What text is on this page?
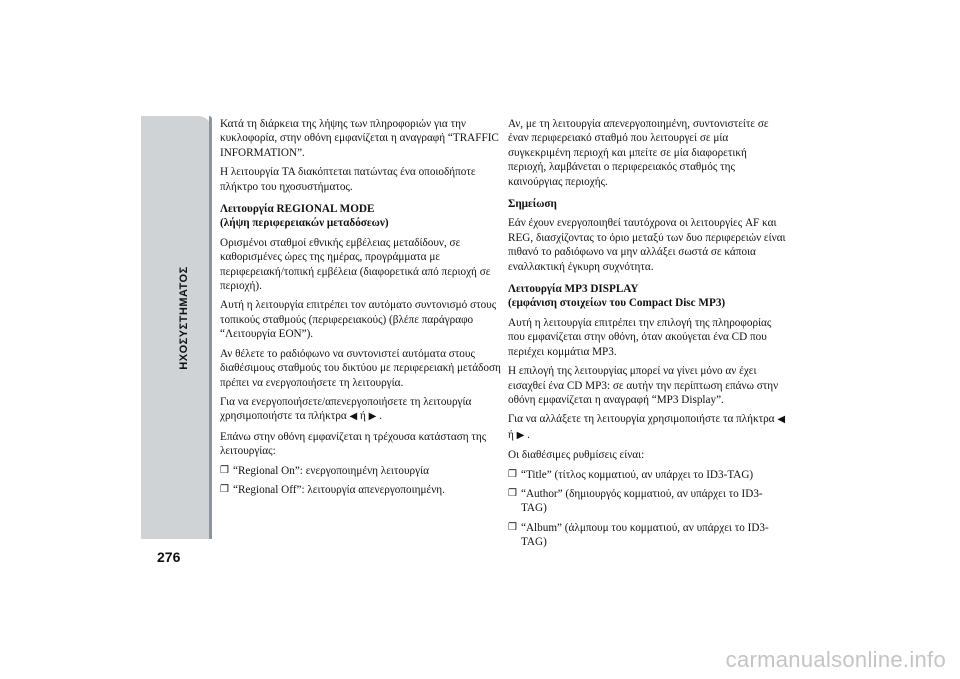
ΗΧΟΣΥΣΤΗΜΑΤΟΣ
276

Κατά τη διάρκεια της λήψης των πληροφοριών για την κυκλοφορία, στην οθόνη εμφανίζεται η αναγραφή “TRAFFIC INFORMATION”.

Η λειτουργία TA διακόπτεται πατώντας ένα οποιοδήποτε πλήκτρο του ηχοσυστήματος.

Λειτουργία REGIONAL MODE
(λήψη περιφερειακών μεταδόσεων)

Ορισμένοι σταθμοί εθνικής εμβέλειας μεταδίδουν, σε καθορισμένες ώρες της ημέρας, προγράμματα με περιφερειακή/τοπική εμβέλεια (διαφορετικά από περιοχή σε περιοχή).

Αυτή η λειτουργία επιτρέπει τον αυτόματο συντονισμό στους τοπικούς σταθμούς (περιφερειακούς) (βλέπε παράγραφο “Λειτουργία EON”).

Αν θέλετε το ραδιόφωνο να συντονιστεί αυτόματα στους διαθέσιμους σταθμούς του δικτύου με περιφερειακή μετάδοση πρέπει να ενεργοποιήσετε τη λειτουργία.

Για να ενεργοποιήσετε/απενεργοποιήσετε τη λειτουργία χρησιμοποιήστε τα πλήκτρα ◀ ή ▶ .

Επάνω στην οθόνη εμφανίζεται η τρέχουσα κατάσταση της λειτουργίας:

❒ “Regional On”: ενεργοποιημένη λειτουργία
❒ “Regional Off”: λειτουργία απενεργοποιημένη.

Αν, με τη λειτουργία απενεργοποιημένη, συντονιστείτε σε έναν περιφερειακό σταθμό που λειτουργεί σε μία συγκεκριμένη περιοχή και μπείτε σε μία διαφορετική περιοχή, λαμβάνεται ο περιφερειακός σταθμός της καινούργιας περιοχής.

Σημείωση

Εάν έχουν ενεργοποιηθεί ταυτόχρονα οι λειτουργίες AF και REG, διασχίζοντας το όριο μεταξύ των δυο περιφερειών είναι πιθανό το ραδιόφωνο να μην αλλάξει σωστά σε κάποια εναλλακτική έγκυρη συχνότητα.

Λειτουργία MP3 DISPLAY
(εμφάνιση στοιχείων του Compact Disc MP3)

Αυτή η λειτουργία επιτρέπει την επιλογή της πληροφορίας που εμφανίζεται στην οθόνη, όταν ακούγεται ένα CD που περιέχει κομμάτια MP3.

Η επιλογή της λειτουργίας μπορεί να γίνει μόνο αν έχει εισαχθεί ένα CD MP3: σε αυτήν την περίπτωση επάνω στην οθόνη εμφανίζεται η αναγραφή “MP3 Display”.

Για να αλλάξετε τη λειτουργία χρησιμοποιήστε τα πλήκτρα ◀ ή ▶ .

Οι διαθέσιμες ρυθμίσεις είναι:

❒ “Title” (τίτλος κομματιού, αν υπάρχει το ID3-TAG)
❒ “Author” (δημιουργός κομματιού, αν υπάρχει το ID3-TAG)
❒ “Album” (άλμπουμ του κομματιού, αν υπάρχει το ID3-TAG)
carmanualsonline.info
